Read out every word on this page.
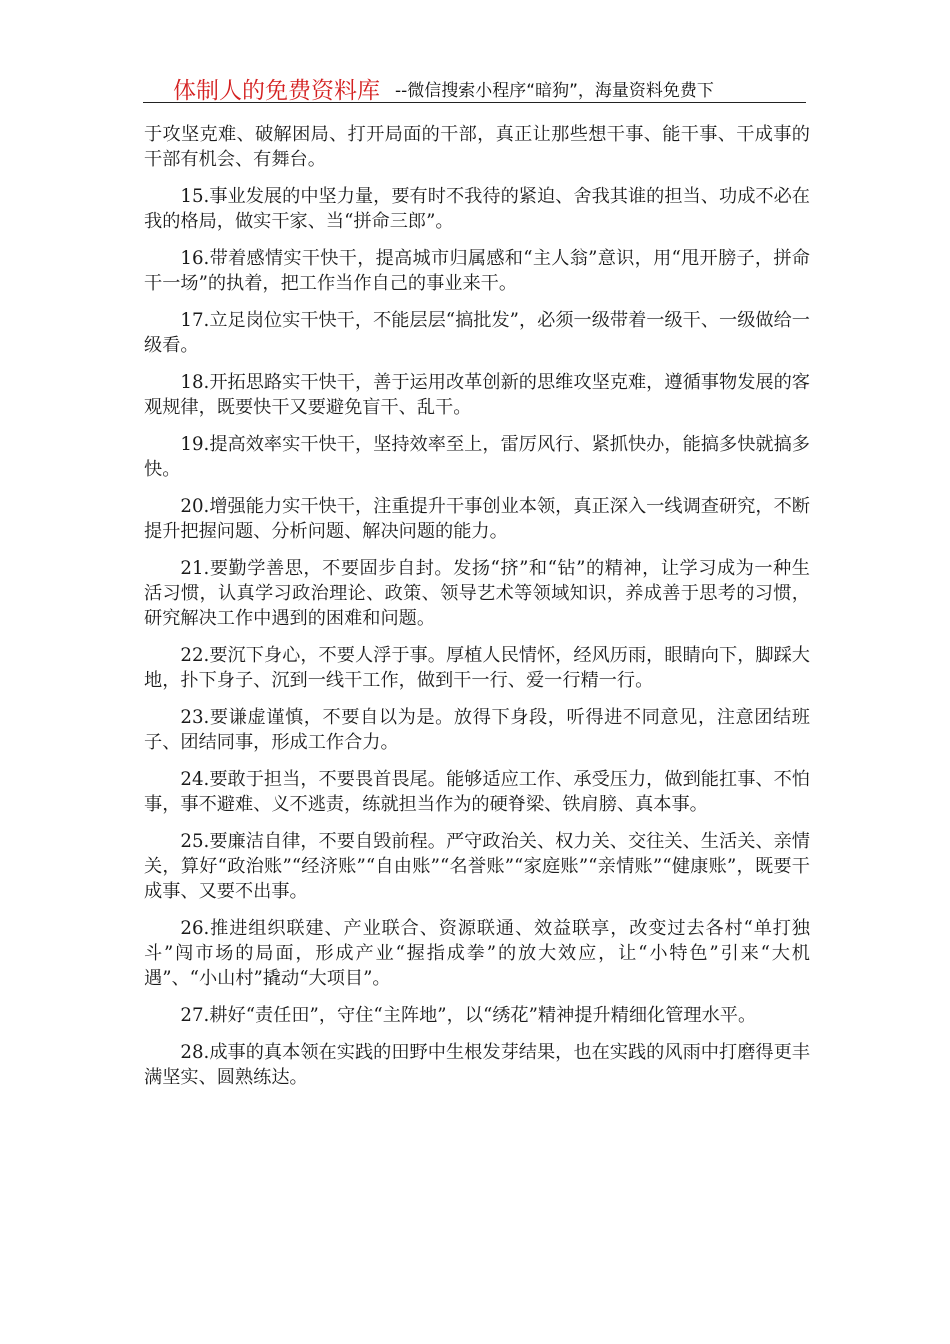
体制人的免费资料库 --微信搜索小程序“暗狗”，海量资料免费下

于攻坚克难、破解困局、打开局面的干部，真正让那些想干事、能干事、干成事的干部有机会、有舞台。

15.事业发展的中坚力量，要有时不我待的紧迫、舍我其谁的担当、功成不必在我的格局，做实干家、当“拼命三郎”。

16.带着感情实干快干，提高城市归属感和“主人翁”意识，用“甩开膀子，拼命干一场”的执着，把工作当作自己的事业来干。

17.立足岗位实干快干，不能层层“搞批发”，必须一级带着一级干、一级做给一级看。

18.开拓思路实干快干，善于运用改革创新的思维攻坚克难，遵循事物发展的客观规律，既要快干又要避免盲干、乱干。

19.提高效率实干快干，坚持效率至上，雷厉风行、紧抓快办，能搞多快就搞多快。

20.增强能力实干快干，注重提升干事创业本领，真正深入一线调查研究，不断提升把握问题、分析问题、解决问题的能力。

21.要勤学善思，不要固步自封。发扬“挤”和“钻”的精神，让学习成为一种生活习惯，认真学习政治理论、政策、领导艺术等领域知识，养成善于思考的习惯，研究解决工作中遇到的困难和问题。

22.要沉下身心，不要人浮于事。厚植人民情怀，经风历雨，眼睛向下，脚踩大地，扑下身子、沉到一线干工作，做到干一行、爱一行精一行。

23.要谦虚谨慎，不要自以为是。放得下身段，听得进不同意见，注意团结班子、团结同事，形成工作合力。

24.要敢于担当，不要畏首畏尾。能够适应工作、承受压力，做到能扛事、不怕事，事不避难、义不逃责，练就担当作为的硬脊梁、铁肩膀、真本事。

25.要廉洁自律，不要自毁前程。严守政治关、权力关、交往关、生活关、亲情关，算好“政治账”“经济账”“自由账”“名誉账”“家庭账”“亲情账”“健康账”，既要干成事、又要不出事。

26.推进组织联建、产业联合、资源联通、效益联享，改变过去各村“单打独斗”闯市场的局面，形成产业“握指成拳”的放大效应，让“小特色”引来“大机遇”、“小山村”撬动“大项目”。

27.耕好“责任田”，守住“主阵地”，以“绣花”精神提升精细化管理水平。

28.成事的真本领在实践的田野中生根发芽结果，也在实践的风雨中打磨得更丰满坚实、圆熟练达。
